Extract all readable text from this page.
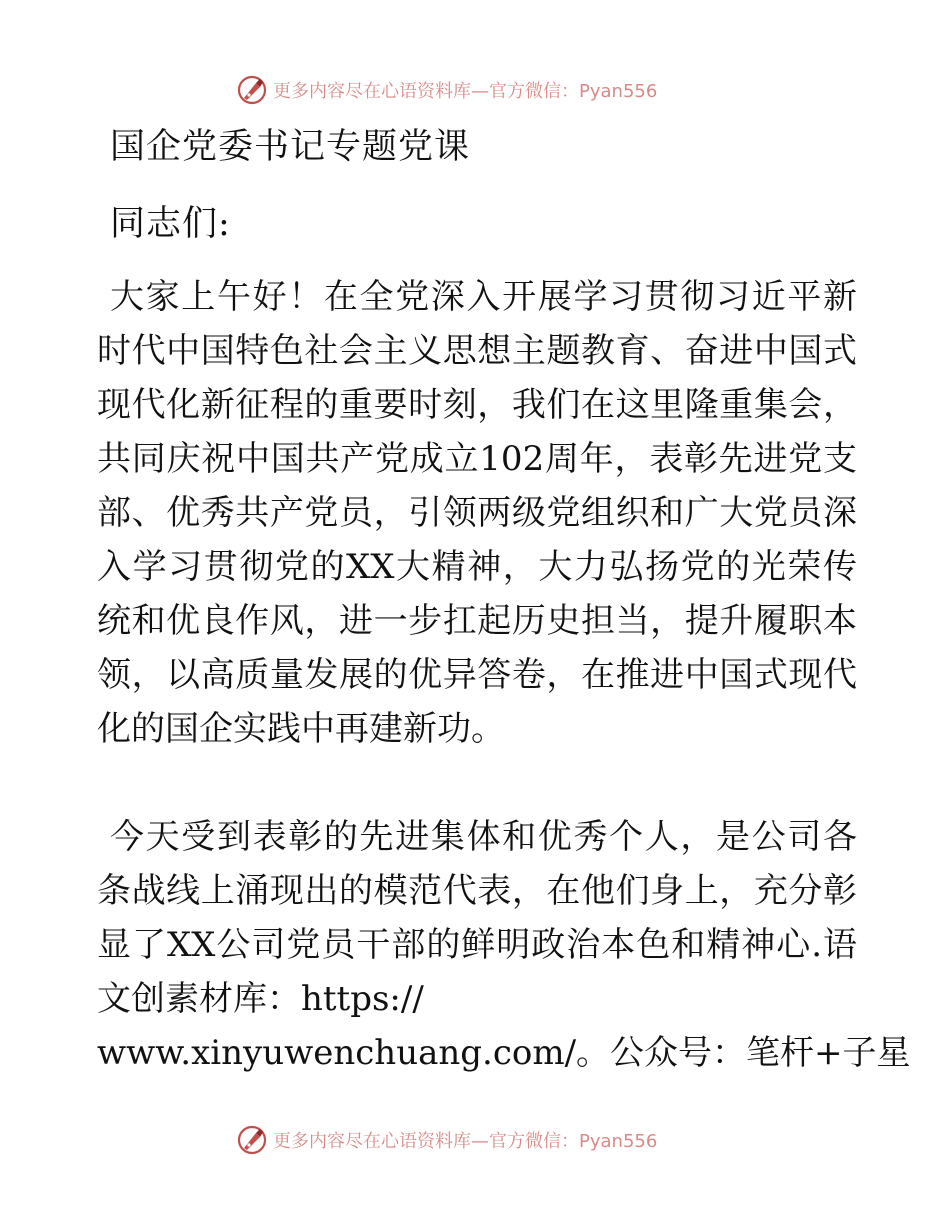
更多内容尽在心语资料库—官方微信：Pyan556
国企党委书记专题党课

同志们:

大家上午好！在全党深入开展学习贯彻习近平新
时代中国特色社会主义思想主题教育、奋进中国式
现代化新征程的重要时刻，我们在这里隆重集会，
共同庆祝中国共产党成立102周年，表彰先进党支
部、优秀共产党员，引领两级党组织和广大党员深
入学习贯彻党的XX大精神，大力弘扬党的光荣传
统和优良作风，进一步扛起历史担当，提升履职本
领，以高质量发展的优异答卷，在推进中国式现代
化的国企实践中再建新功。
今天受到表彰的先进集体和优秀个人，是公司各
条战线上涌现出的模范代表，在他们身上，充分彰
显了XX公司党员干部的鲜明政治本色和精神心.语
文创素材库：https://
www.xinyuwenchuang.com/。公众号：笔杆+子星
更多内容尽在心语资料库—官方微信：Pyan556
